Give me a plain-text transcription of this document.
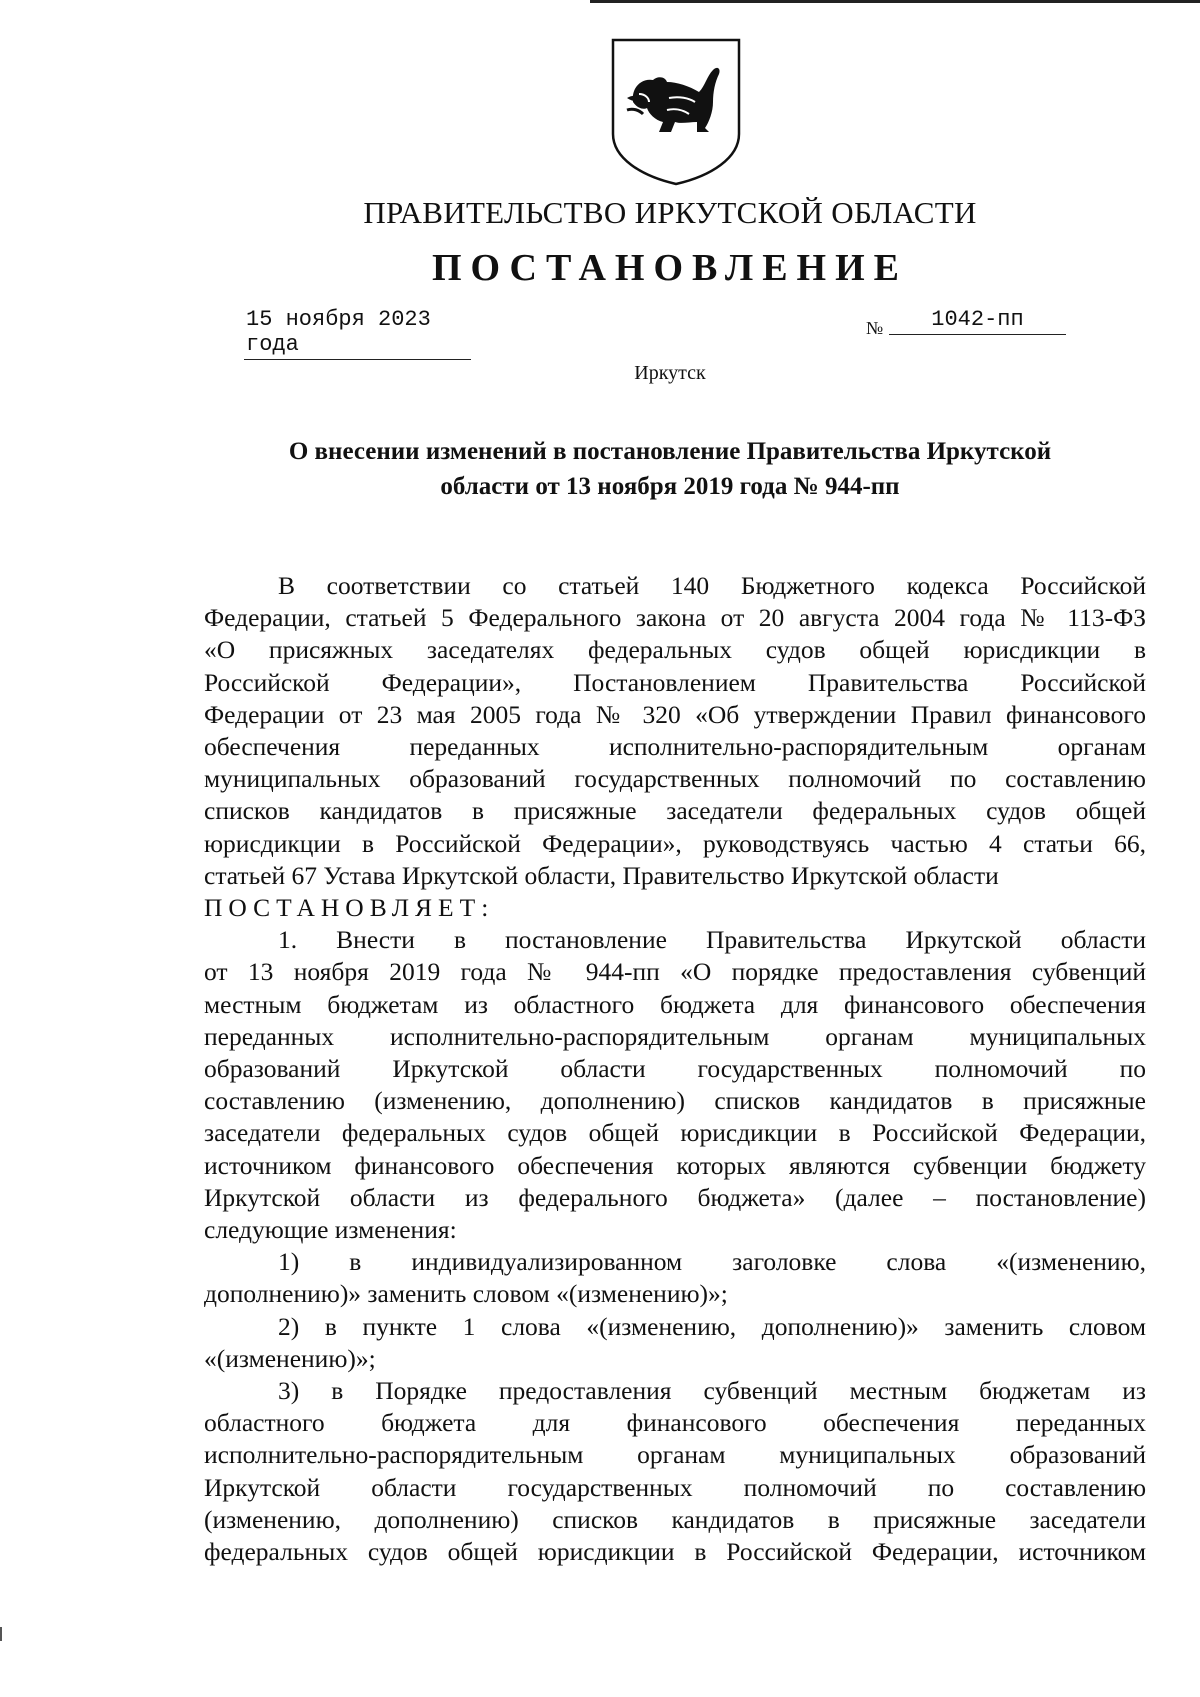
ПРАВИТЕЛЬСТВО ИРКУТСКОЙ ОБЛАСТИ
ПОСТАНОВЛЕНИЕ
15 ноября 2023 года
№	1042-пп
Иркутск
О внесении изменений в постановление Правительства Иркутской
области от 13 ноября 2019 года № 944-пп

В соответствии со статьей 140 Бюджетного кодекса Российской

Федерации, статьей 5 Федерального закона от 20 августа 2004 года № 113-ФЗ

«О присяжных заседателях федеральных судов общей юрисдикции в

Российской Федерации», Постановлением Правительства Российской

Федерации от 23 мая 2005 года № 320 «Об утверждении Правил финансового

обеспечения переданных исполнительно-распорядительным органам

муниципальных образований государственных полномочий по составлению

списков кандидатов в присяжные заседатели федеральных судов общей

юрисдикции в Российской Федерации», руководствуясь частью 4 статьи 66,

статьей 67 Устава Иркутской области, Правительство Иркутской области

ПОСТАНОВЛЯЕТ:

1. Внести в постановление Правительства Иркутской области

от 13 ноября 2019 года № 944-пп «О порядке предоставления субвенций

местным бюджетам из областного бюджета для финансового обеспечения

переданных исполнительно-распорядительным органам муниципальных

образований Иркутской области государственных полномочий по

составлению (изменению, дополнению) списков кандидатов в присяжные

заседатели федеральных судов общей юрисдикции в Российской Федерации,

источником финансового обеспечения которых являются субвенции бюджету

Иркутской области из федерального бюджета» (далее – постановление)

следующие изменения:

1) в индивидуализированном заголовке слова «(изменению,

дополнению)» заменить словом «(изменению)»;

2) в пункте 1 слова «(изменению, дополнению)» заменить словом

«(изменению)»;

3) в Порядке предоставления субвенций местным бюджетам из

областного бюджета для финансового обеспечения переданных

исполнительно-распорядительным органам муниципальных образований

Иркутской области государственных полномочий по составлению

(изменению, дополнению) списков кандидатов в присяжные заседатели

федеральных судов общей юрисдикции в Российской Федерации, источником
